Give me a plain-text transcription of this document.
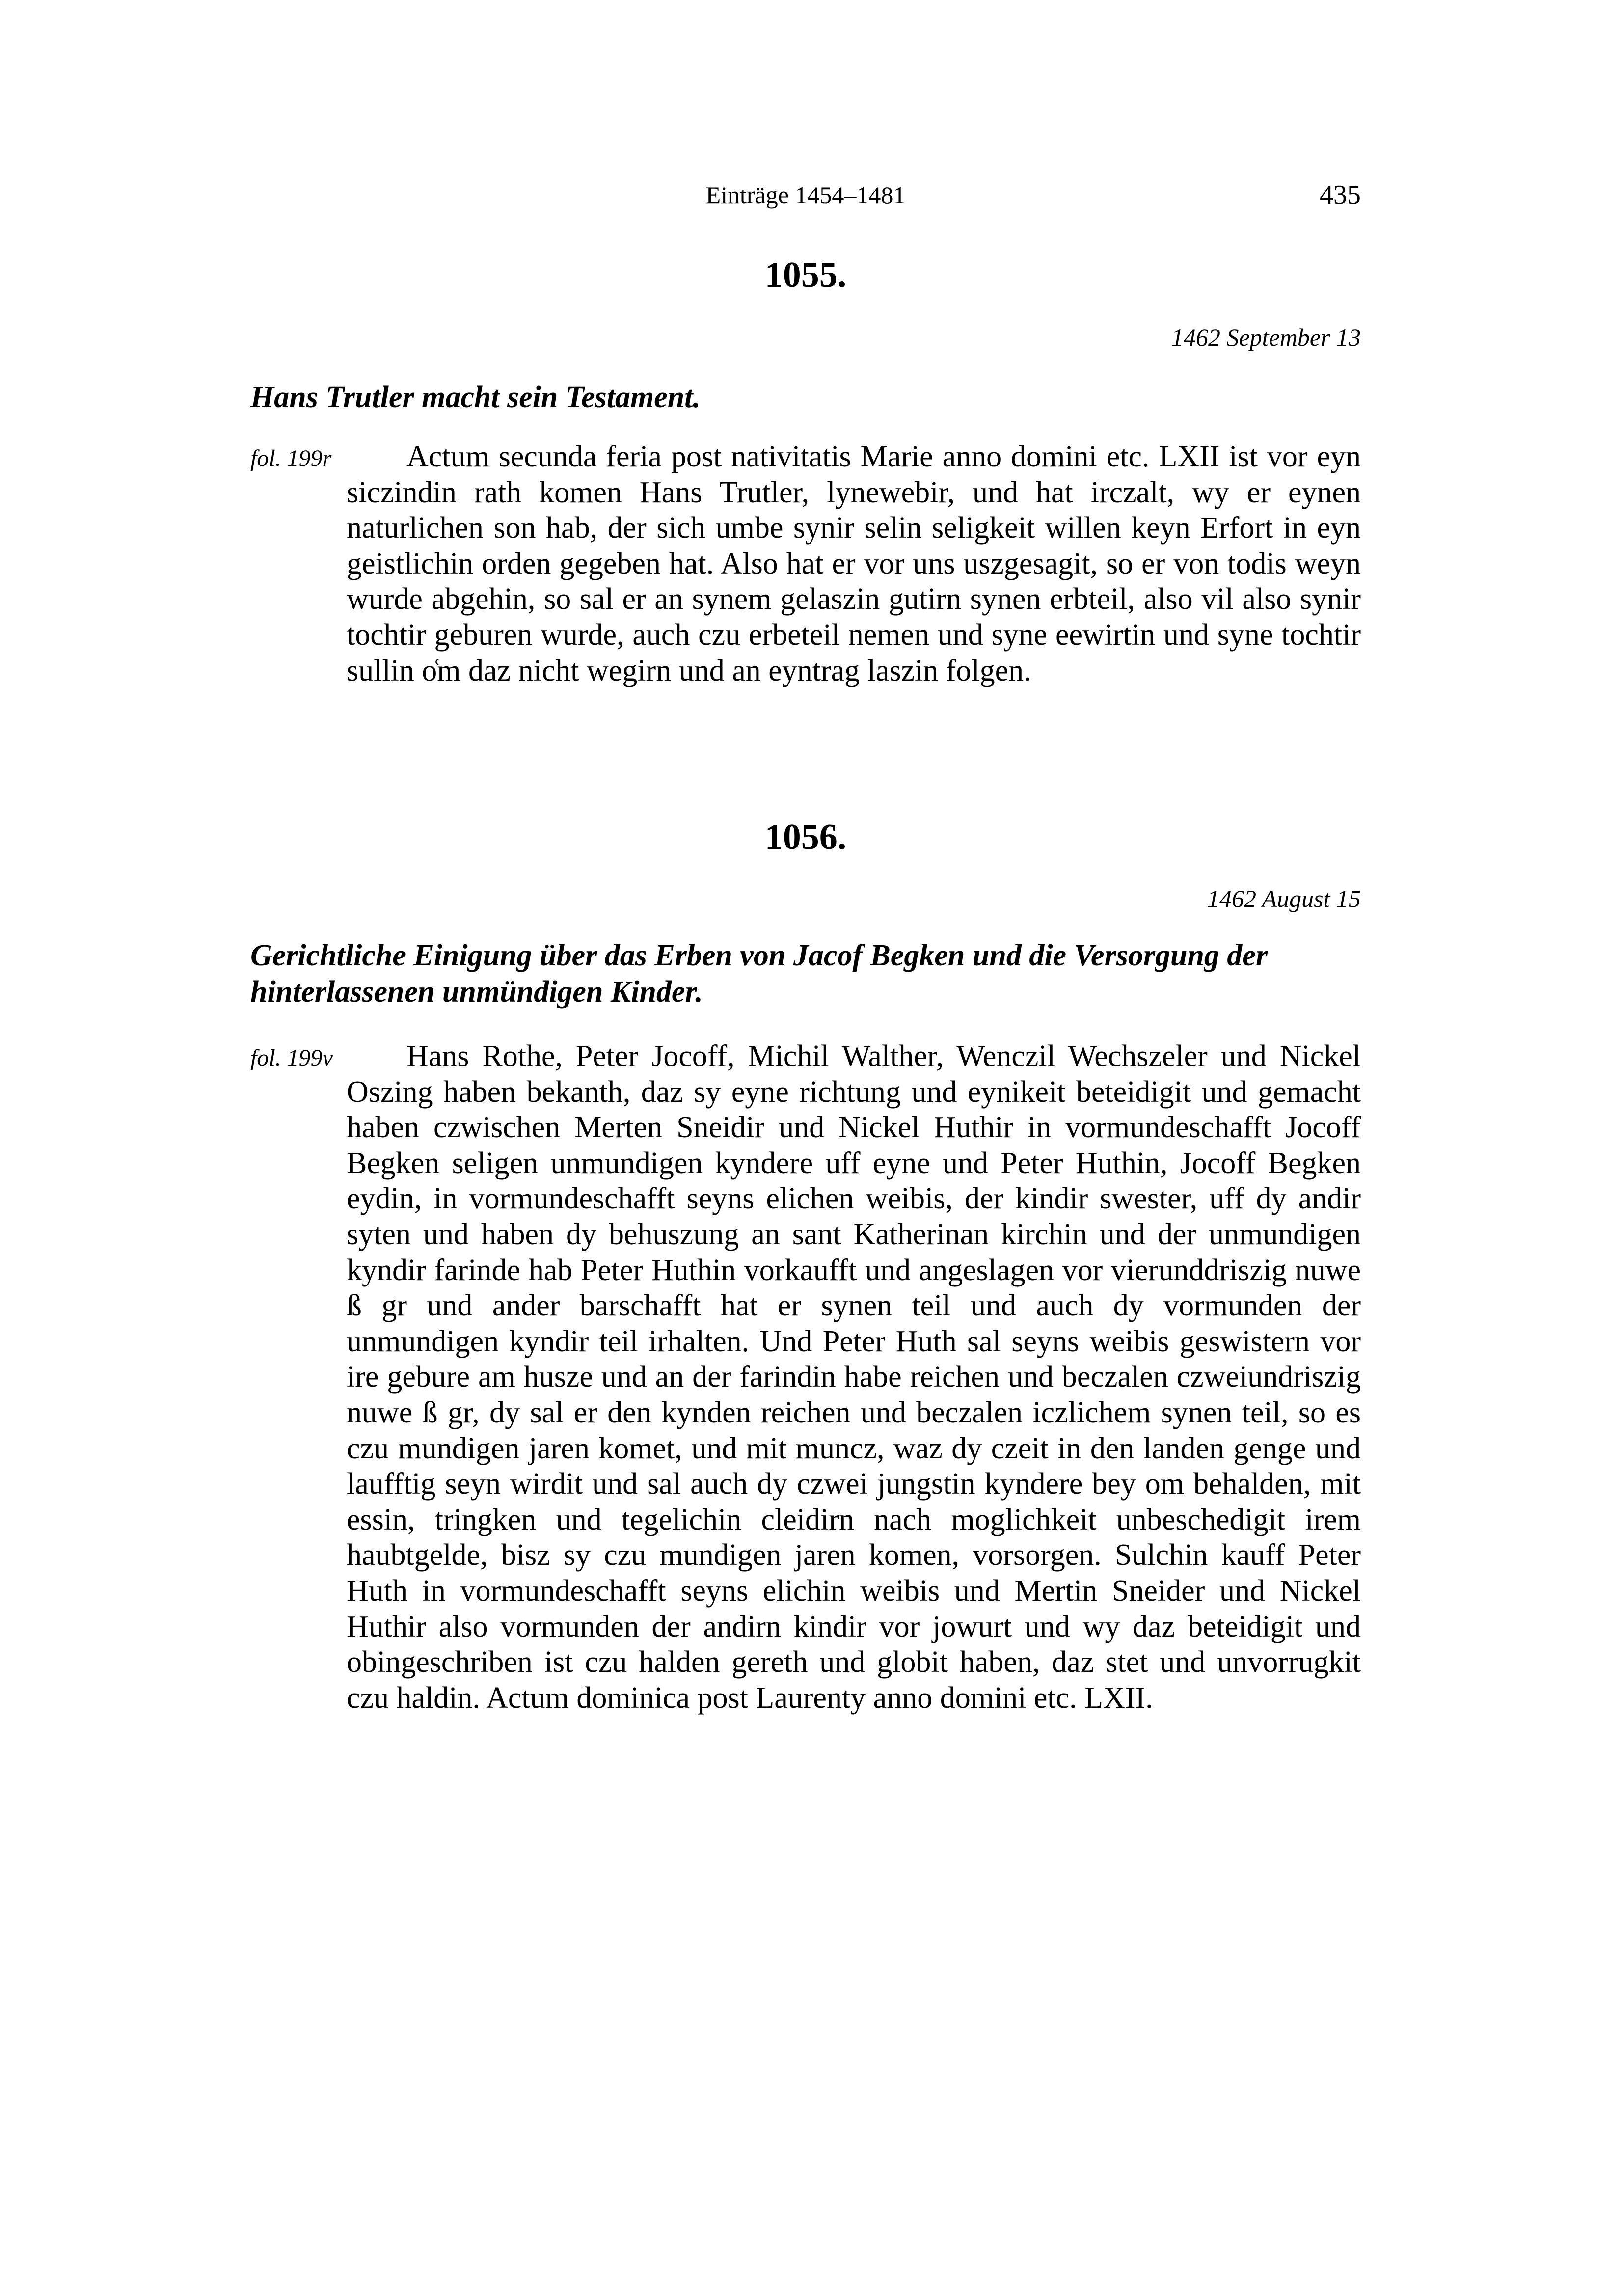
Einträge 1454–1481	435
1055.
1462 September 13
Hans Trutler macht sein Testament.
fol. 199r	Actum secunda feria post nativitatis Marie anno domini etc. LXII ist vor eyn siczindin rath komen Hans Trutler, lynewebir, und hat irczalt, wy er eynen naturlichen son hab, der sich umbe synir selin seligkeit willen keyn Erfort in eyn geistlichin orden gegeben hat. Also hat er vor uns uszgesagit, so er von todis weyn wurde abgehin, so sal er an synem gelaszin gutirn synen erbteil, also vil also synir tochtir geburen wurde, auch czu erbeteil nemen und syne eewirtin und syne tochtir sullin o͑m daz nicht wegirn und an eyntrag laszin folgen.
1056.
1462 August 15
Gerichtliche Einigung über das Erben von Jacof Begken und die Versorgung der hinterlassenen unmündigen Kinder.
fol. 199v	Hans Rothe, Peter Jocoff, Michil Walther, Wenczil Wechszeler und Nickel Oszing haben bekanth, daz sy eyne richtung und eynikeit beteidigit und gemacht haben czwischen Merten Sneidir und Nickel Huthir in vormundeschafft Jocoff Begken seligen unmundigen kyndere uff eyne und Peter Huthin, Jocoff Begken eydin, in vormundeschafft seyns elichen weibis, der kindir swester, uff dy andir syten und haben dy behuszung an sant Katherinan kirchin und der unmundigen kyndir farinde hab Peter Huthin vorkaufft und angeslagen vor vierunddriszig nuwe ß gr und ander barschafft hat er synen teil und auch dy vormunden der unmundigen kyndir teil irhalten. Und Peter Huth sal seyns weibis geswistern vor ire gebure am husze und an der farindin habe reichen und beczalen czweiundriszig nuwe ß gr, dy sal er den kynden reichen und beczalen iczlichem synen teil, so es czu mundigen jaren komet, und mit muncz, waz dy czeit in den landen genge und laufftig seyn wirdit und sal auch dy czwei jungstin kyndere bey om behalden, mit essin, tringken und tegelichin cleidirn nach moglichkeit unbeschedigit irem haubtgelde, bisz sy czu mundigen jaren komen, vorsorgen. Sulchin kauff Peter Huth in vormundeschafft seyns elichin weibis und Mertin Sneider und Nickel Huthir also vormunden der andirn kindir vor jowurt und wy daz beteidigit und obingeschriben ist czu halden gereth und globit haben, daz stet und unvorrugkit czu haldin. Actum dominica post Laurenty anno domini etc. LXII.
